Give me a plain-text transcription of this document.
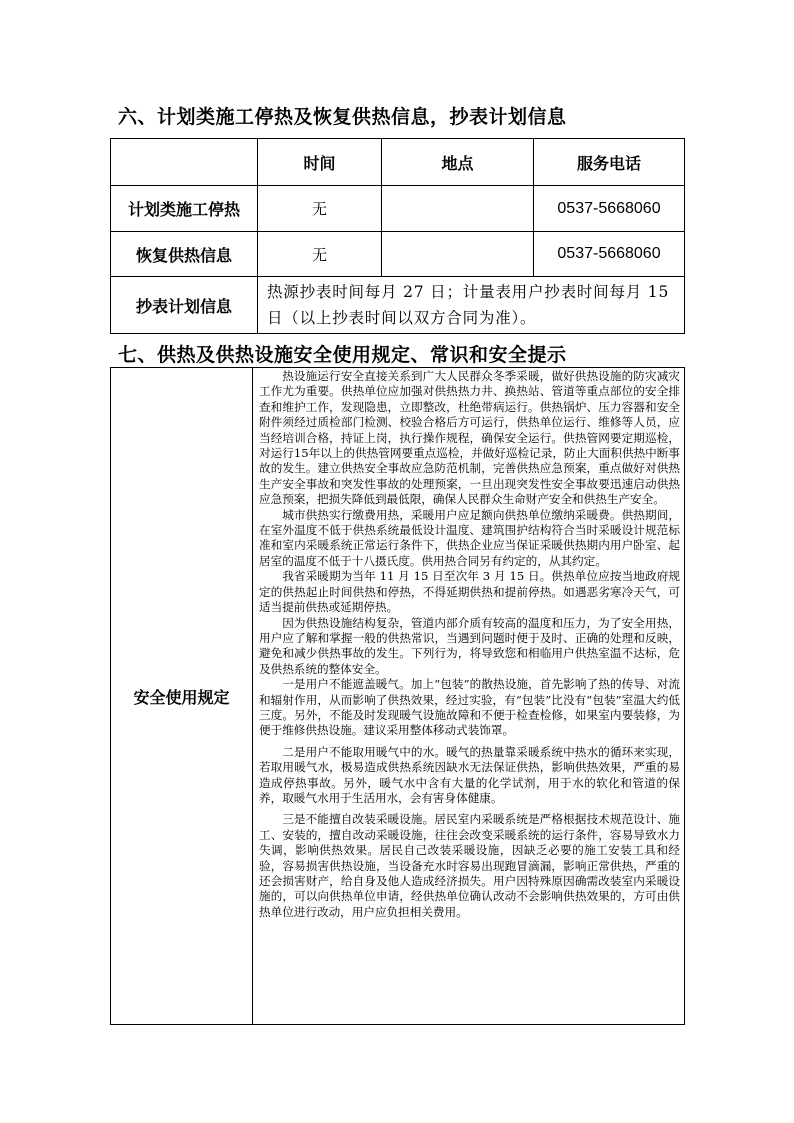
六、计划类施工停热及恢复供热信息，抄表计划信息
	时间	地点	服务电话
计划类施工停热	无		0537-5668060
恢复供热信息	无		0537-5668060
抄表计划信息	热源抄表时间每月 27 日；计量表用户抄表时间每月 15 日（以上抄表时间以双方合同为准）。		
七、供热及供热设施安全使用规定、常识和安全提示
安全使用规定	

热设施运行安全直接关系到广大人民群众冬季采暖，做好供热设施的防灾减灾工作尤为重要。供热单位应加强对供热热力井、换热站、管道等重点部位的安全排查和维护工作，发现隐患，立即整改，杜绝带病运行。供热锅炉、压力容器和安全附件须经过质检部门检测、校验合格后方可运行，供热单位运行、维修等人员，应当经培训合格，持证上岗，执行操作规程，确保安全运行。供热管网要定期巡检，对运行15年以上的供热管网要重点巡检，并做好巡检记录，防止大面积供热中断事故的发生。建立供热安全事故应急防范机制，完善供热应急预案，重点做好对供热生产安全事故和突发性事故的处理预案，一旦出现突发性安全事故要迅速启动供热应急预案，把损失降低到最低限，确保人民群众生命财产安全和供热生产安全。

城市供热实行缴费用热，采暖用户应足额向供热单位缴纳采暖费。供热期间，在室外温度不低于供热系统最低设计温度、建筑围护结构符合当时采暖设计规范标准和室内采暖系统正常运行条件下，供热企业应当保证采暖供热期内用户卧室、起居室的温度不低于十八摄氏度。供用热合同另有约定的，从其约定。

我省采暖期为当年 11 月 15 日至次年 3 月 15 日。供热单位应按当地政府规定的供热起止时间供热和停热，不得延期供热和提前停热。如遇恶劣寒冷天气，可适当提前供热或延期停热。

因为供热设施结构复杂，管道内部介质有较高的温度和压力，为了安全用热，用户应了解和掌握一般的供热常识，当遇到问题时便于及时、正确的处理和反映，避免和减少供热事故的发生。下列行为，将导致您和相临用户供热室温不达标，危及供热系统的整体安全。

一是用户不能遮盖暖气。加上“包装”的散热设施，首先影响了热的传导、对流和辐射作用，从而影响了供热效果，经过实验，有“包装”比没有“包装”室温大约低三度。另外，不能及时发现暖气设施故障和不便于检查检修，如果室内要装修，为便于维修供热设施。建议采用整体移动式装饰罩。

二是用户不能取用暖气中的水。暖气的热量靠采暖系统中热水的循环来实现，若取用暖气水，极易造成供热系统因缺水无法保证供热，影响供热效果，严重的易造成停热事故。另外，暖气水中含有大量的化学试剂，用于水的软化和管道的保养，取暖气水用于生活用水，会有害身体健康。

三是不能擅自改装采暖设施。居民室内采暖系统是严格根据技术规范设计、施工、安装的，擅自改动采暖设施，往往会改变采暖系统的运行条件，容易导致水力失调，影响供热效果。居民自己改装采暖设施，因缺乏必要的施工安装工具和经验，容易损害供热设施，当设备充水时容易出现跑冒滴漏，影响正常供热，严重的还会损害财产，给自身及他人造成经济损失。用户因特殊原因确需改装室内采暖设施的，可以向供热单位申请，经供热单位确认改动不会影响供热效果的，方可由供热单位进行改动，用户应负担相关费用。
